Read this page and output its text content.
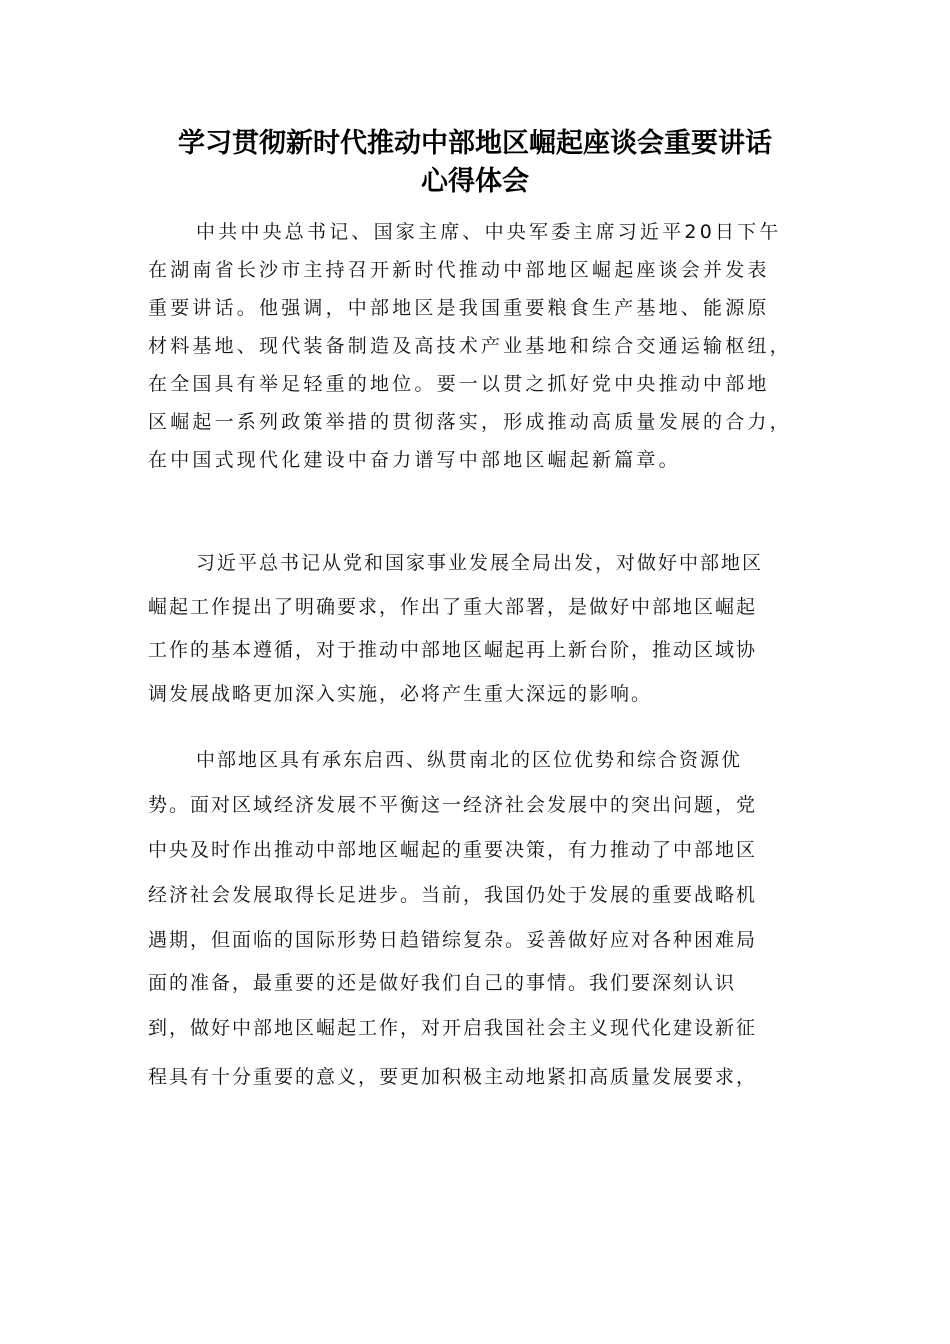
学习贯彻新时代推动中部地区崛起座谈会重要讲话
心得体会

中共中央总书记、国家主席、中央军委主席习近平20日下午

在湖南省长沙市主持召开新时代推动中部地区崛起座谈会并发表

重要讲话。他强调，中部地区是我国重要粮食生产基地、能源原

材料基地、现代装备制造及高技术产业基地和综合交通运输枢纽，

在全国具有举足轻重的地位。要一以贯之抓好党中央推动中部地

区崛起一系列政策举措的贯彻落实，形成推动高质量发展的合力，

在中国式现代化建设中奋力谱写中部地区崛起新篇章。

习近平总书记从党和国家事业发展全局出发，对做好中部地区

崛起工作提出了明确要求，作出了重大部署，是做好中部地区崛起

工作的基本遵循，对于推动中部地区崛起再上新台阶，推动区域协

调发展战略更加深入实施，必将产生重大深远的影响。

中部地区具有承东启西、纵贯南北的区位优势和综合资源优

势。面对区域经济发展不平衡这一经济社会发展中的突出问题，党

中央及时作出推动中部地区崛起的重要决策，有力推动了中部地区

经济社会发展取得长足进步。当前，我国仍处于发展的重要战略机

遇期，但面临的国际形势日趋错综复杂。妥善做好应对各种困难局

面的准备，最重要的还是做好我们自己的事情。我们要深刻认识

到，做好中部地区崛起工作，对开启我国社会主义现代化建设新征

程具有十分重要的意义，要更加积极主动地紧扣高质量发展要求，
